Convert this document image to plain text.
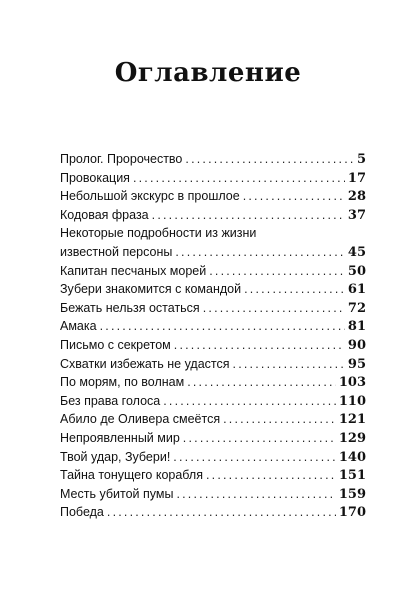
Оглавление
Пролог. Пророчество .....	5
Провокация .....	17
Небольшой экскурс в прошлое .....	28
Кодовая фраза .....	37
Некоторые подробности из жизни
известной персоны .....	45
Капитан песчаных морей .....	50
Зубери знакомится с командой .....	61
Бежать нельзя остаться .....	72
Амака .....	81
Письмо с секретом .....	90
Схватки избежать не удастся .....	95
По морям, по волнам .....	103
Без права голоса .....	110
Абило де Оливера смеётся .....	121
Непроявленный мир .....	129
Твой удар, Зубери! .....	140
Тайна тонущего корабля .....	151
Месть убитой пумы .....	159
Победа .....	170
